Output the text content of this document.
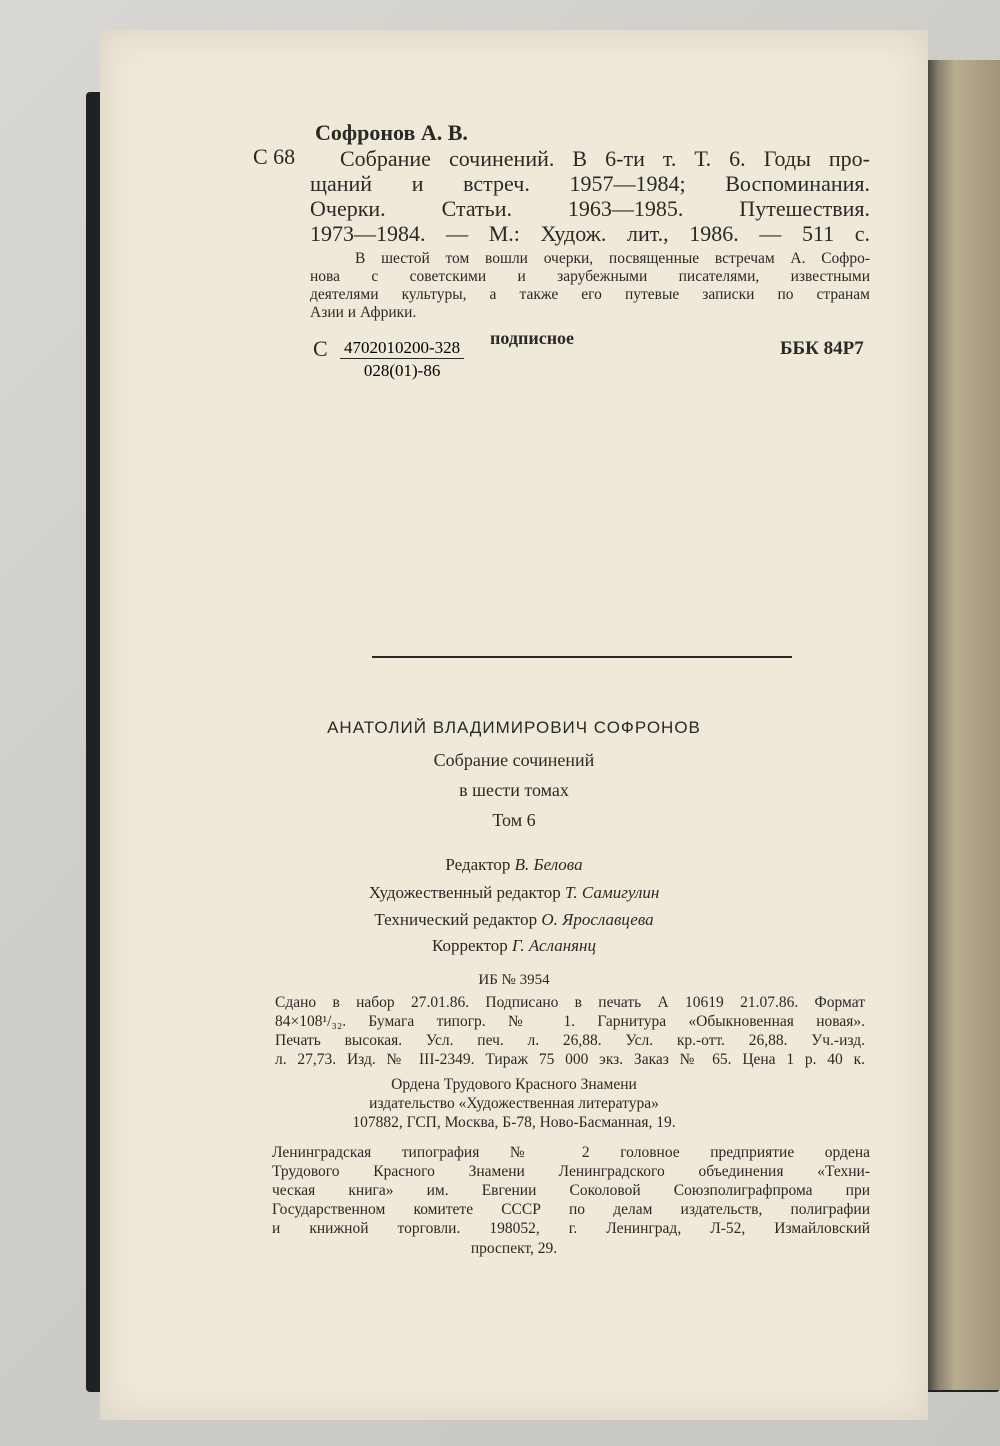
Софронов А. В.
С 68 Собрание сочинений. В 6-ти т. Т. 6. Годы про-
щаний и встреч. 1957—1984; Воспоминания.
Очерки. Статьи. 1963—1985. Путешествия.
1973—1984. — М.: Худож. лит., 1986. — 511 с.
В шестой том вошли очерки, посвященные встречам А. Софро-
нова с советскими и зарубежными писателями, известными
деятелями культуры, а также его путевые записки по странам
Азии и Африки.
С $\frac{4702010200-328}{028(01)-86}$ подписное	ББК 84Р7
АНАТОЛИЙ ВЛАДИМИРОВИЧ СОФРОНОВ
Собрание сочинений
в шести томах
Том 6
Редактор В. Белова
Художественный редактор Т. Самигулин
Технический редактор О. Ярославцева
Корректор Г. Асланянц
ИБ № 3954
Сдано в набор 27.01.86. Подписано в печать А 10619 21.07.86. Формат
84×108¹/₃₂. Бумага типогр. № 1. Гарнитура «Обыкновенная новая».
Печать высокая. Усл. печ. л. 26,88. Усл. кр.-отт. 26,88. Уч.-изд.
л. 27,73. Изд. № III-2349. Тираж 75 000 экз. Заказ № 65. Цена 1 р. 40 к.
Ордена Трудового Красного Знамени
издательство «Художественная литература»
107882, ГСП, Москва, Б-78, Ново-Басманная, 19.
Ленинградская типография № 2 головное предприятие ордена
Трудового Красного Знамени Ленинградского объединения «Техни-
ческая книга» им. Евгении Соколовой Союзполиграфпрома при
Государственном комитете СССР по делам издательств, полиграфии
и книжной торговли. 198052, г. Ленинград, Л-52, Измайловский
проспект, 29.
